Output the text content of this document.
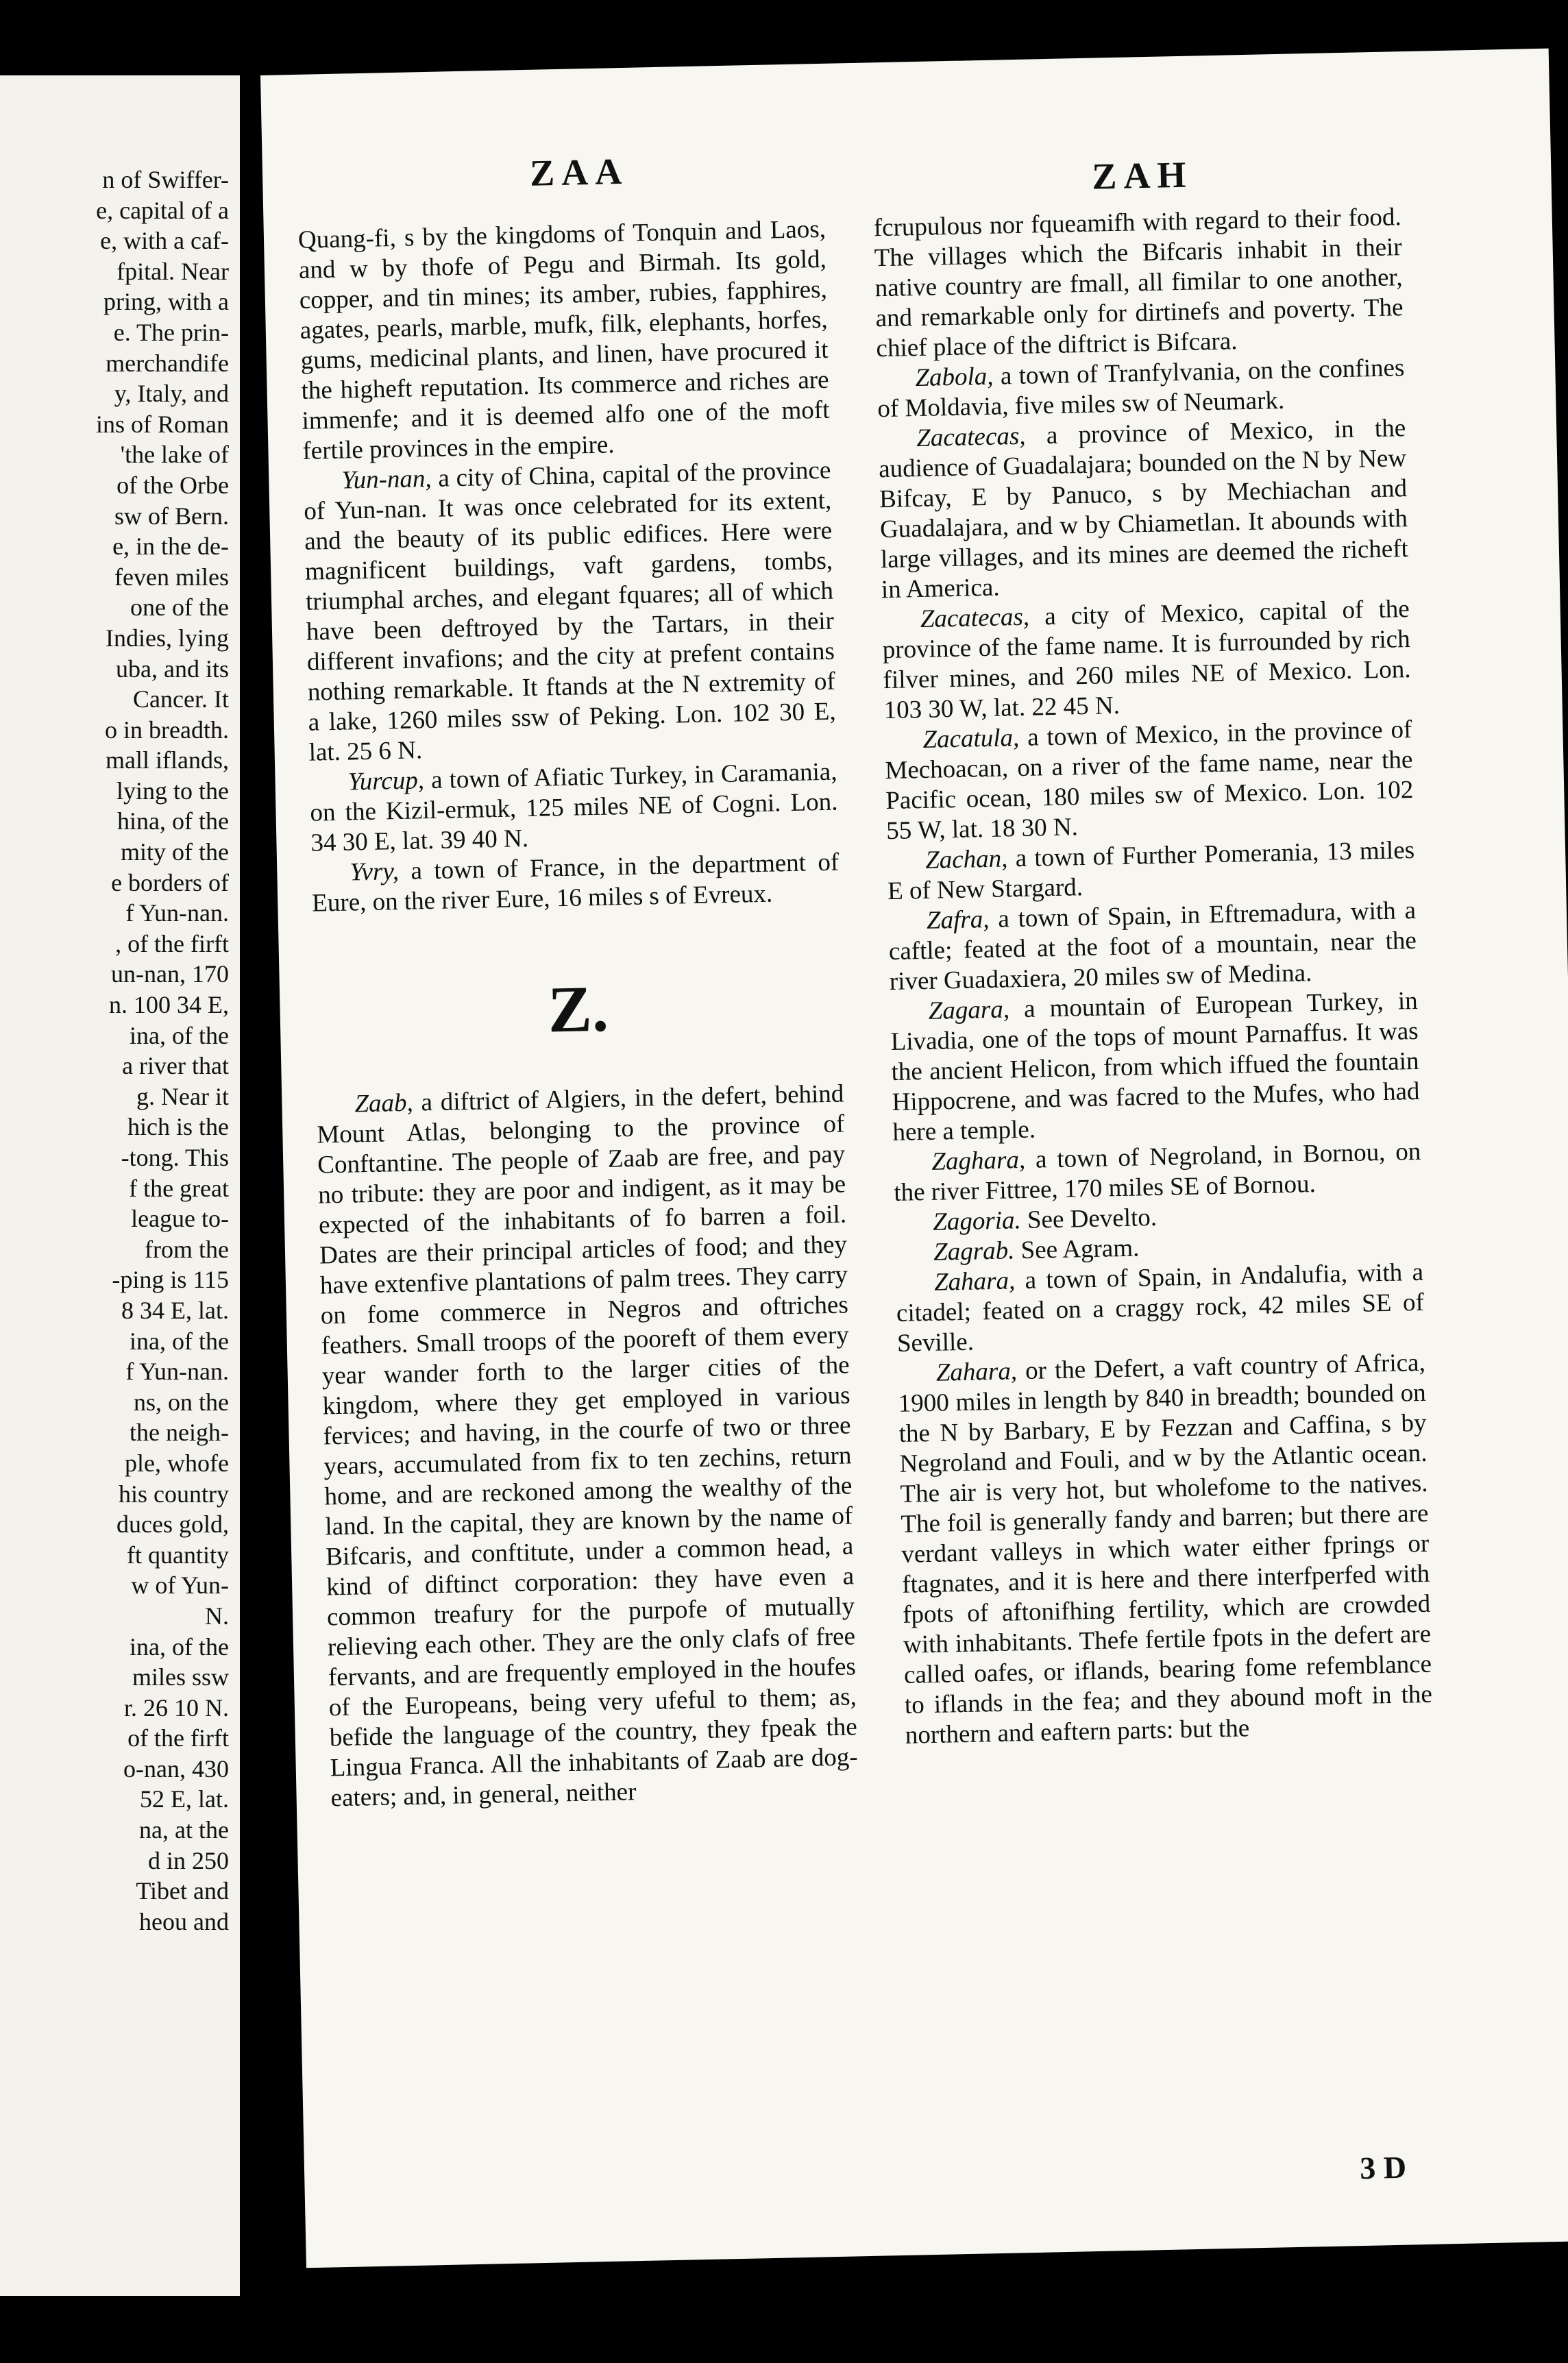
n of Swiffer-
e, capital of a
e, with a caf-
fpital. Near
pring, with a
e. The prin-
merchandife
y, Italy, and
ins of Roman
'the lake of
of the Orbe
sw of Bern.
e, in the de-
feven miles
one of the
Indies, lying
uba, and its
Cancer. It
o in breadth.
mall iflands,
lying to the
hina, of the
mity of the
e borders of
f Yun-nan.
, of the firft
un-nan, 170
n. 100 34 E,
ina, of the
a river that
g. Near it
hich is the
-tong. This
f the great
league to-
from the
-ping is 115
8 34 E, lat.
ina, of the
f Yun-nan.
ns, on the
the neigh-
ple, whofe
his country
duces gold,
ft quantity
w of Yun-
N.
ina, of the
miles ssw
r. 26 10 N.
of the firft
o-nan, 430
52 E, lat.
na, at the
d in 250
Tibet and
heou and
ZAA	ZAH

Quang-fi, s by the kingdoms of Tonquin and Laos, and w by thofe of Pegu and Birmah. Its gold, copper, and tin mines; its amber, rubies, fapphires, agates, pearls, marble, mufk, filk, elephants, horfes, gums, medicinal plants, and linen, have procured it the higheft reputation. Its commerce and riches are immenfe; and it is deemed alfo one of the moft fertile provinces in the empire.

Yun-nan, a city of China, capital of the province of Yun-nan. It was once celebrated for its extent, and the beauty of its public edifices. Here were magnificent buildings, vaft gardens, tombs, triumphal arches, and elegant fquares; all of which have been deftroyed by the Tartars, in their different invafions; and the city at prefent contains nothing remarkable. It ftands at the N extremity of a lake, 1260 miles ssw of Peking. Lon. 102 30 E, lat. 25 6 N.

Yurcup, a town of Afiatic Turkey, in Caramania, on the Kizil-ermuk, 125 miles NE of Cogni. Lon. 34 30 E, lat. 39 40 N.

Yvry, a town of France, in the department of Eure, on the river Eure, 16 miles s of Evreux.

Z.

Zaab, a diftrict of Algiers, in the defert, behind Mount Atlas, belonging to the province of Conftantine. The people of Zaab are free, and pay no tribute: they are poor and indigent, as it may be expected of the inhabitants of fo barren a foil. Dates are their principal articles of food; and they have extenfive plantations of palm trees. They carry on fome commerce in Negros and oftriches feathers. Small troops of the pooreft of them every year wander forth to the larger cities of the kingdom, where they get employed in various fervices; and having, in the courfe of two or three years, accumulated from fix to ten zechins, return home, and are reckoned among the wealthy of the land. In the capital, they are known by the name of Bifcaris, and conftitute, under a common head, a kind of diftinct corporation: they have even a common treafury for the purpofe of mutually relieving each other. They are the only clafs of free fervants, and are frequently employed in the houfes of the Europeans, being very ufeful to them; as, befide the language of the country, they fpeak the Lingua Franca. All the inhabitants of Zaab are dog-eaters; and, in general, neither

fcrupulous nor fqueamifh with regard to their food. The villages which the Bifcaris inhabit in their native country are fmall, all fimilar to one another, and remarkable only for dirtinefs and poverty. The chief place of the diftrict is Bifcara.

Zabola, a town of Tranfylvania, on the confines of Moldavia, five miles sw of Neumark.

Zacatecas, a province of Mexico, in the audience of Guadalajara; bounded on the N by New Bifcay, E by Panuco, s by Mechiachan and Guadalajara, and w by Chiametlan. It abounds with large villages, and its mines are deemed the richeft in America.

Zacatecas, a city of Mexico, capital of the province of the fame name. It is furrounded by rich filver mines, and 260 miles NE of Mexico. Lon. 103 30 W, lat. 22 45 N.

Zacatula, a town of Mexico, in the province of Mechoacan, on a river of the fame name, near the Pacific ocean, 180 miles sw of Mexico. Lon. 102 55 W, lat. 18 30 N.

Zachan, a town of Further Pomerania, 13 miles E of New Stargard.

Zafra, a town of Spain, in Eftremadura, with a caftle; feated at the foot of a mountain, near the river Guadaxiera, 20 miles sw of Medina.

Zagara, a mountain of European Turkey, in Livadia, one of the tops of mount Parnaffus. It was the ancient Helicon, from which iffued the fountain Hippocrene, and was facred to the Mufes, who had here a temple.

Zaghara, a town of Negroland, in Bornou, on the river Fittree, 170 miles SE of Bornou.

Zagoria. See Develto.

Zagrab. See Agram.

Zahara, a town of Spain, in Andalufia, with a citadel; feated on a craggy rock, 42 miles SE of Seville.

Zahara, or the Defert, a vaft country of Africa, 1900 miles in length by 840 in breadth; bounded on the N by Barbary, E by Fezzan and Caffina, s by Negroland and Fouli, and w by the Atlantic ocean. The air is very hot, but wholefome to the natives. The foil is generally fandy and barren; but there are verdant valleys in which water either fprings or ftagnates, and it is here and there interfperfed with fpots of aftonifhing fertility, which are crowded with inhabitants. Thefe fertile fpots in the defert are called oafes, or iflands, bearing fome refemblance to iflands in the fea; and they abound moft in the northern and eaftern parts: but the

3 D
